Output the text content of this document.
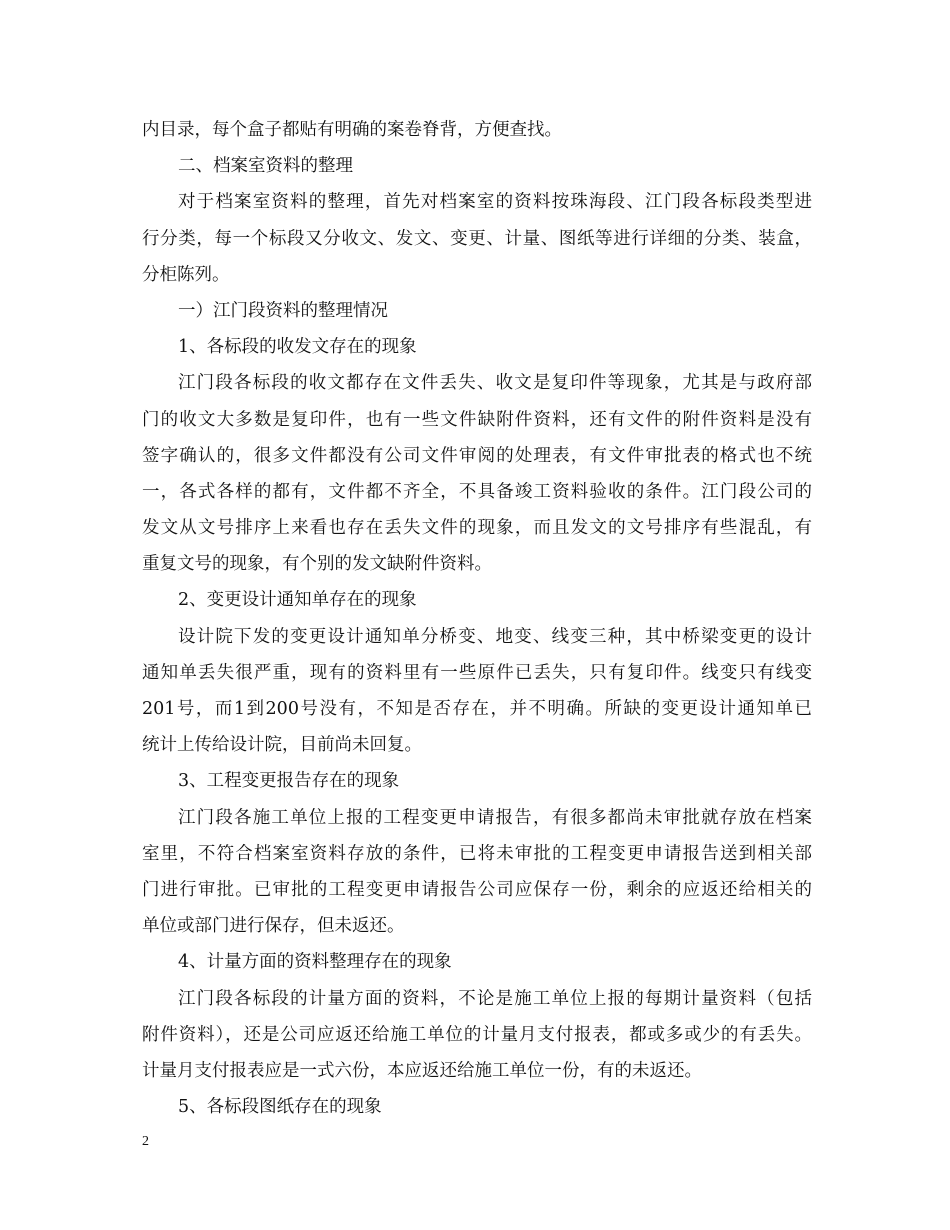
内目录，每个盒子都贴有明确的案卷脊背，方便查找。
二、档案室资料的整理
对于档案室资料的整理，首先对档案室的资料按珠海段、江门段各标段类型进
行分类，每一个标段又分收文、发文、变更、计量、图纸等进行详细的分类、装盒，
分柜陈列。
一）江门段资料的整理情况
1、各标段的收发文存在的现象
江门段各标段的收文都存在文件丢失、收文是复印件等现象，尤其是与政府部
门的收文大多数是复印件，也有一些文件缺附件资料，还有文件的附件资料是没有
签字确认的，很多文件都没有公司文件审阅的处理表，有文件审批表的格式也不统
一，各式各样的都有，文件都不齐全，不具备竣工资料验收的条件。江门段公司的
发文从文号排序上来看也存在丢失文件的现象，而且发文的文号排序有些混乱，有
重复文号的现象，有个别的发文缺附件资料。
2、变更设计通知单存在的现象
设计院下发的变更设计通知单分桥变、地变、线变三种，其中桥梁变更的设计
通知单丢失很严重，现有的资料里有一些原件已丢失，只有复印件。线变只有线变
201号，而1到200号没有，不知是否存在，并不明确。所缺的变更设计通知单已
统计上传给设计院，目前尚未回复。
3、工程变更报告存在的现象
江门段各施工单位上报的工程变更申请报告，有很多都尚未审批就存放在档案
室里，不符合档案室资料存放的条件，已将未审批的工程变更申请报告送到相关部
门进行审批。已审批的工程变更申请报告公司应保存一份，剩余的应返还给相关的
单位或部门进行保存，但未返还。
4、计量方面的资料整理存在的现象
江门段各标段的计量方面的资料，不论是施工单位上报的每期计量资料（包括
附件资料），还是公司应返还给施工单位的计量月支付报表，都或多或少的有丢失。
计量月支付报表应是一式六份，本应返还给施工单位一份，有的未返还。
5、各标段图纸存在的现象
2
